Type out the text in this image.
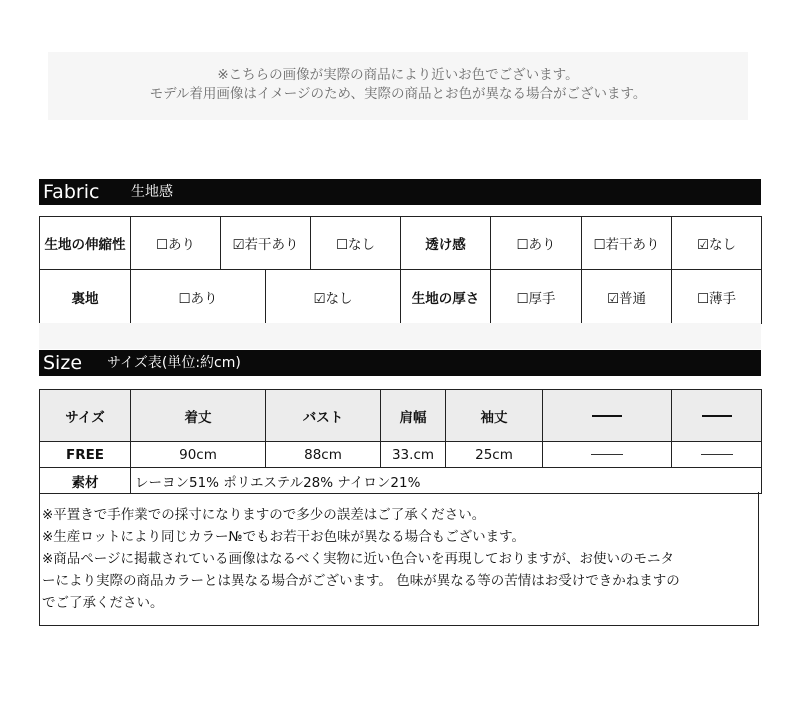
※こちらの画像が実際の商品により近いお色でございます。
モデル着用画像はイメージのため、実際の商品とお色が異なる場合がございます。
Fabric 生地感
生地の伸縮性	☐あり	☑若干あり		☐なし	透け感	☐あり	☐若干あり	☑なし
裏地	☐あり		☑なし		生地の厚さ	☐厚手	☑普通	☐薄手
Size サイズ表(単位:約cm)
サイズ	着丈	バスト	肩幅	袖丈		
FREE	90cm	88cm	33.cm	25cm		
素材	レーヨン51% ポリエステル28% ナイロン21%					
※平置きで手作業での採寸になりますので多少の誤差はご了承ください。
※生産ロットにより同じカラー№でもお若干お色味が異なる場合もございます。
※商品ページに掲載されている画像はなるべく実物に近い色合いを再現しておりますが、お使いのモニタ
ーにより実際の商品カラーとは異なる場合がございます。 色味が異なる等の苦情はお受けできかねますの
でご了承ください。
